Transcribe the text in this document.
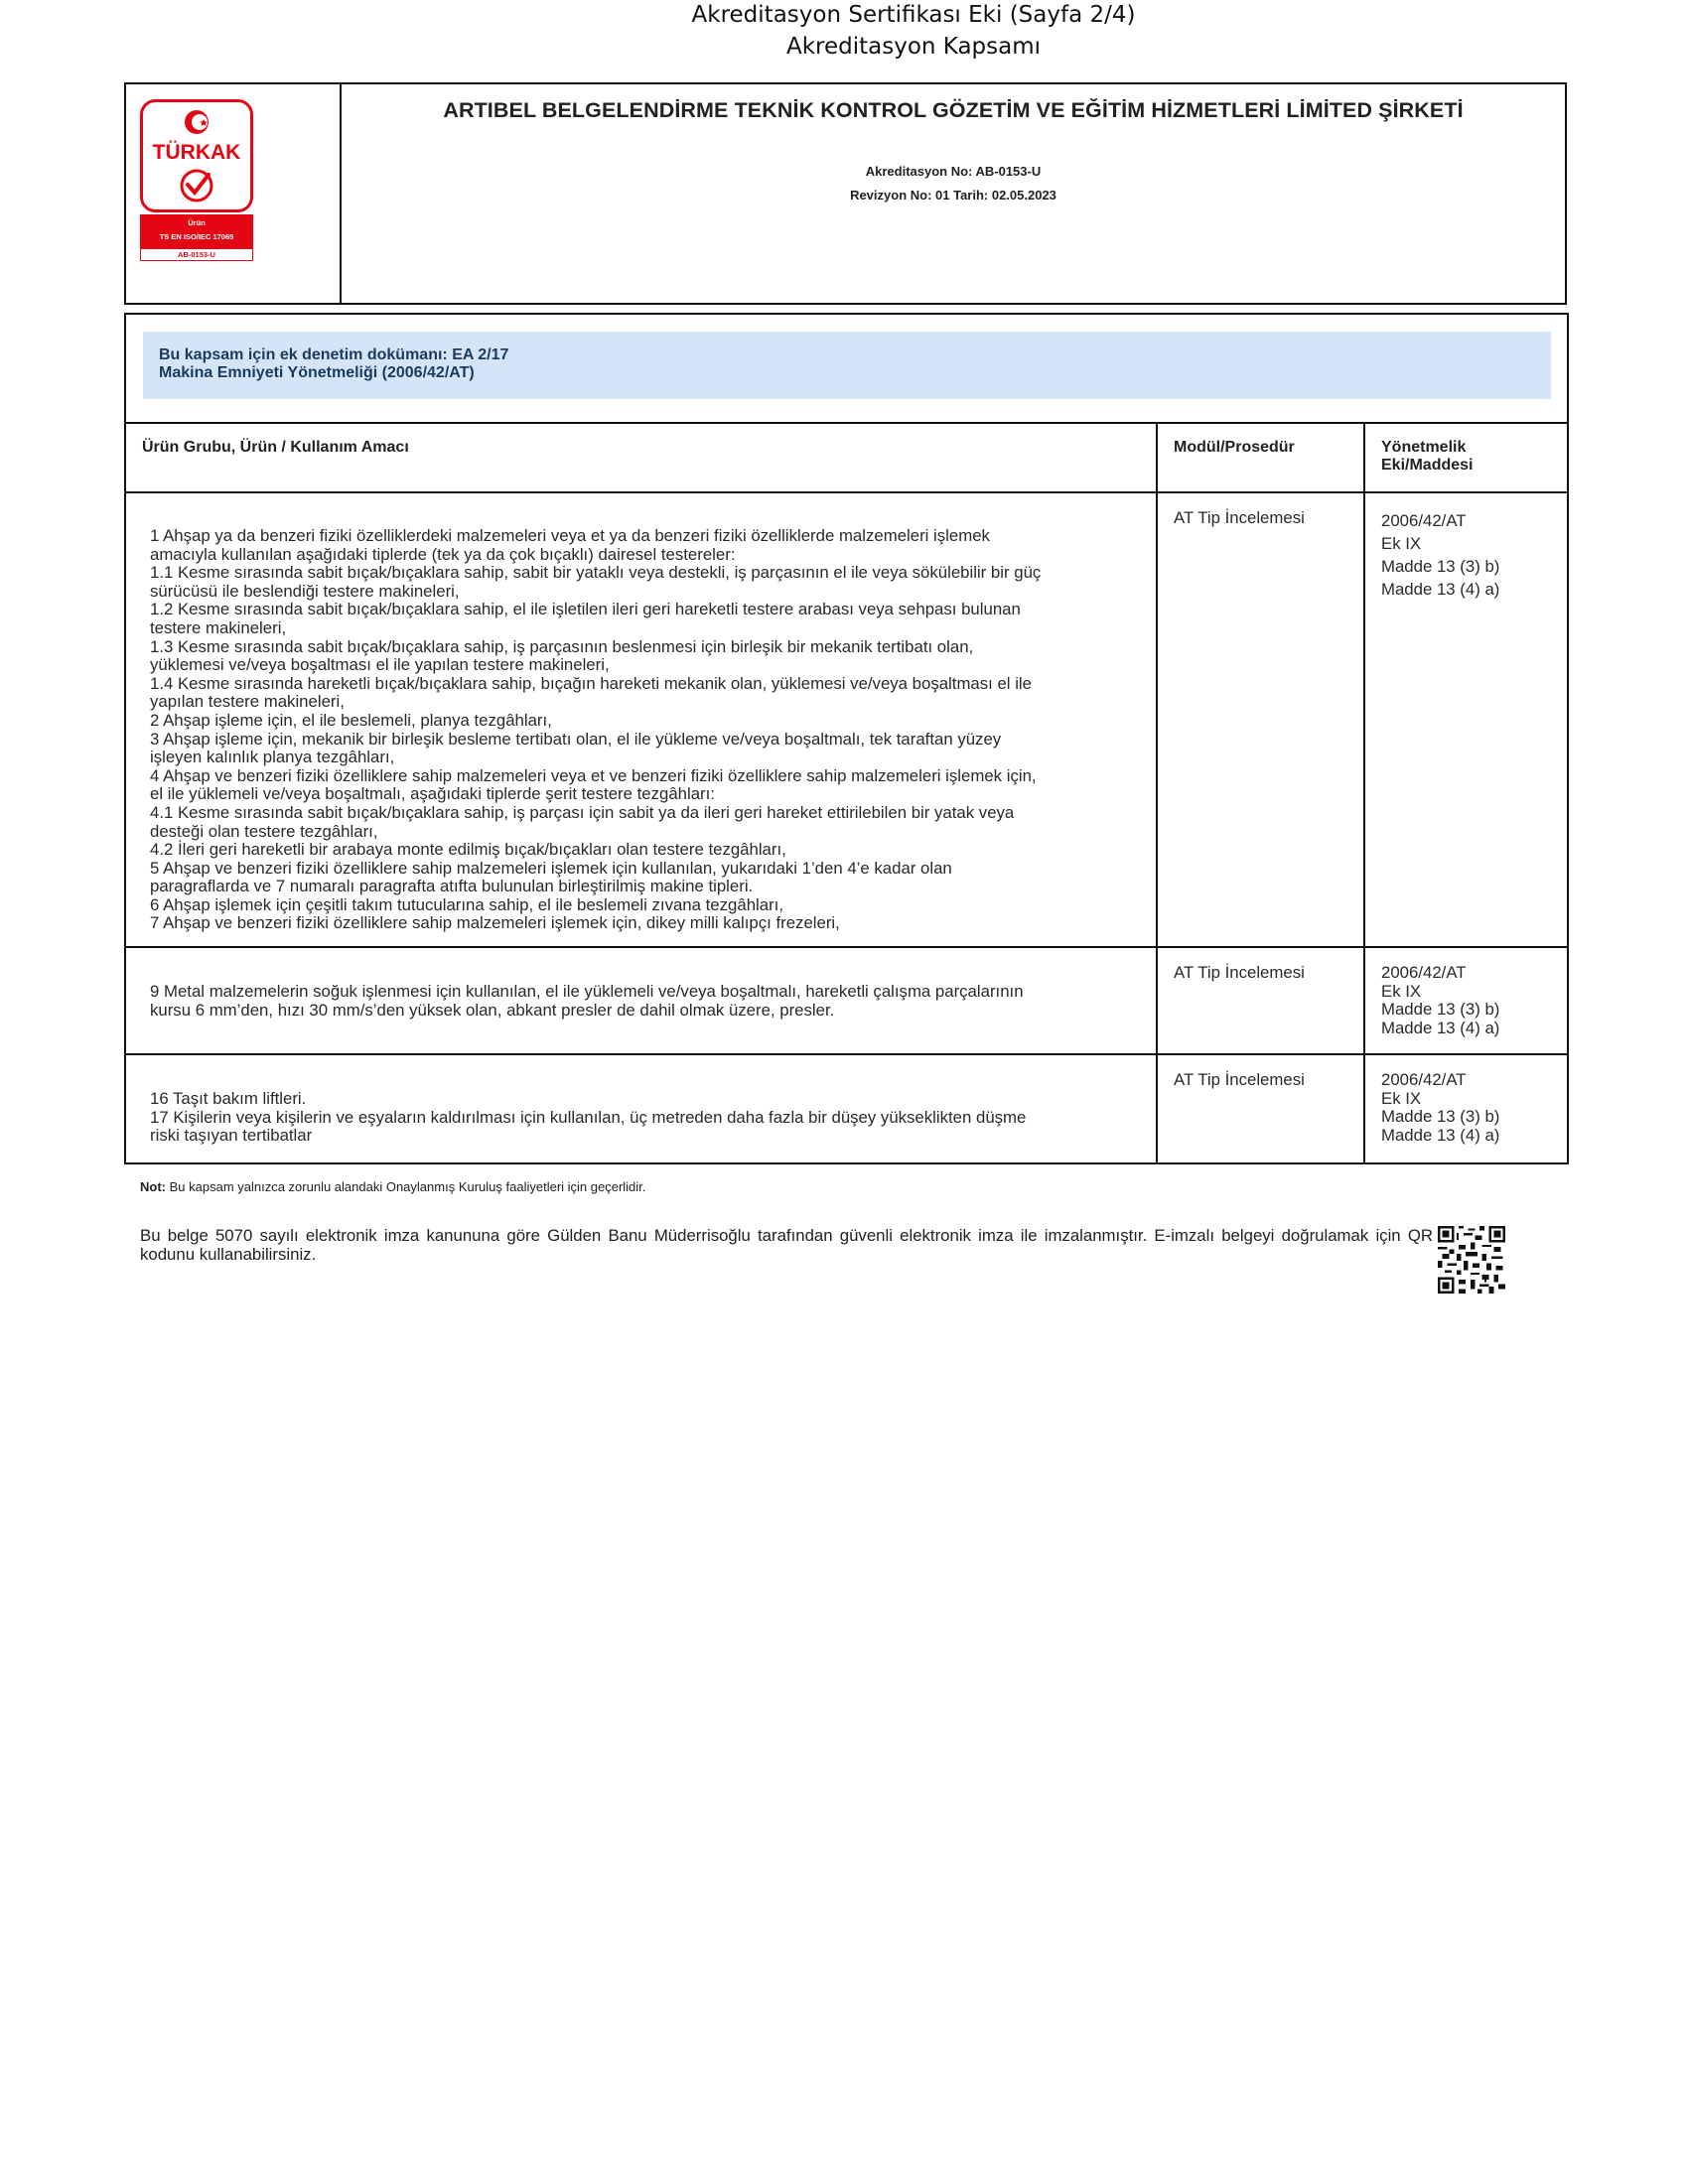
Akreditasyon Sertifikası Eki (Sayfa 2/4)
Akreditasyon Kapsamı
TÜRKAK
Ürün
TS EN ISO/IEC 17065
AB-0153-U
ARTIBEL BELGELENDİRME TEKNİK KONTROL GÖZETİM VE EĞİTİM HİZMETLERİ LİMİTED ŞİRKETİ
Akreditasyon No: AB-0153-U
Revizyon No: 01 Tarih: 02.05.2023
Bu kapsam için ek denetim dokümanı: EA 2/17
Makina Emniyeti Yönetmeliği (2006/42/AT)
Ürün Grubu, Ürün / Kullanım Amacı	Modül/Prosedür	Yönetmelik
Eki/Maddesi
1 Ahşap ya da benzeri fiziki özelliklerdeki malzemeleri veya et ya da benzeri fiziki özelliklerde malzemeleri işlemek
amacıyla kullanılan aşağıdaki tiplerde (tek ya da çok bıçaklı) dairesel testereler:
1.1 Kesme sırasında sabit bıçak/bıçaklara sahip, sabit bir yataklı veya destekli, iş parçasının el ile veya sökülebilir bir güç
sürücüsü ile beslendiği testere makineleri,
1.2 Kesme sırasında sabit bıçak/bıçaklara sahip, el ile işletilen ileri geri hareketli testere arabası veya sehpası bulunan
testere makineleri,
1.3 Kesme sırasında sabit bıçak/bıçaklara sahip, iş parçasının beslenmesi için birleşik bir mekanik tertibatı olan,
yüklemesi ve/veya boşaltması el ile yapılan testere makineleri,
1.4 Kesme sırasında hareketli bıçak/bıçaklara sahip, bıçağın hareketi mekanik olan, yüklemesi ve/veya boşaltması el ile
yapılan testere makineleri,
2 Ahşap işleme için, el ile beslemeli, planya tezgâhları,
3 Ahşap işleme için, mekanik bir birleşik besleme tertibatı olan, el ile yükleme ve/veya boşaltmalı, tek taraftan yüzey
işleyen kalınlık planya tezgâhları,
4 Ahşap ve benzeri fiziki özelliklere sahip malzemeleri veya et ve benzeri fiziki özelliklere sahip malzemeleri işlemek için,
el ile yüklemeli ve/veya boşaltmalı, aşağıdaki tiplerde şerit testere tezgâhları:
4.1 Kesme sırasında sabit bıçak/bıçaklara sahip, iş parçası için sabit ya da ileri geri hareket ettirilebilen bir yatak veya
desteği olan testere tezgâhları,
4.2 İleri geri hareketli bir arabaya monte edilmiş bıçak/bıçakları olan testere tezgâhları,
5 Ahşap ve benzeri fiziki özelliklere sahip malzemeleri işlemek için kullanılan, yukarıdaki 1’den 4’e kadar olan
paragraflarda ve 7 numaralı paragrafta atıfta bulunulan birleştirilmiş makine tipleri.
6 Ahşap işlemek için çeşitli takım tutucularına sahip, el ile beslemeli zıvana tezgâhları,
7 Ahşap ve benzeri fiziki özelliklere sahip malzemeleri işlemek için, dikey milli kalıpçı frezeleri,
AT Tip İncelemesi	2006/42/AT
Ek IX
Madde 13 (3) b)
Madde 13 (4) a)
9 Metal malzemelerin soğuk işlenmesi için kullanılan, el ile yüklemeli ve/veya boşaltmalı, hareketli çalışma parçalarının
kursu 6 mm’den, hızı 30 mm/s’den yüksek olan, abkant presler de dahil olmak üzere, presler.
AT Tip İncelemesi	2006/42/AT
Ek IX
Madde 13 (3) b)
Madde 13 (4) a)
16 Taşıt bakım liftleri.
17 Kişilerin veya kişilerin ve eşyaların kaldırılması için kullanılan, üç metreden daha fazla bir düşey yükseklikten düşme
riski taşıyan tertibatlar
AT Tip İncelemesi	2006/42/AT
Ek IX
Madde 13 (3) b)
Madde 13 (4) a)
Not: Bu kapsam yalnızca zorunlu alandaki Onaylanmış Kuruluş faaliyetleri için geçerlidir.
Bu belge 5070 sayılı elektronik imza kanununa göre Gülden Banu Müderrisoğlu tarafından güvenli elektronik imza ile imzalanmıştır. E-imzalı belgeyi doğrulamak için QR kodunu kullanabilirsiniz.
